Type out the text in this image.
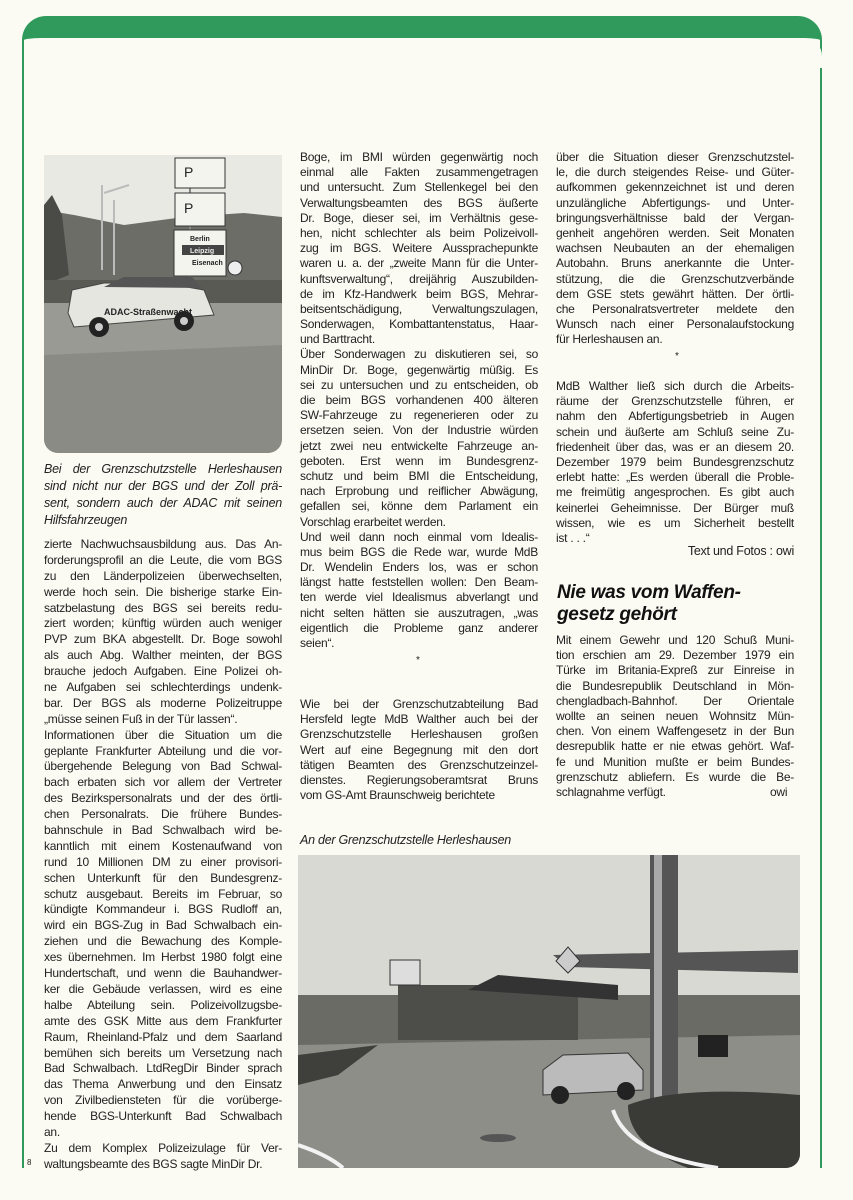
P
P
Berlin
Leipzig
Eisenach
ADAC-Straßenwacht
Bei der Grenzschutzstelle Herleshausen
sind nicht nur der BGS und der Zoll prä-
sent, sondern auch der ADAC mit seinen
Hilfsfahrzeugen
zierte Nachwuchsausbildung aus. Das An-
forderungsprofil an die Leute, die vom BGS
zu den Länderpolizeien überwechselten,
werde hoch sein. Die bisherige starke Ein-
satzbelastung des BGS sei bereits redu-
ziert worden; künftig würden auch weniger
PVP zum BKA abgestellt. Dr. Boge sowohl
als auch Abg. Walther meinten, der BGS
brauche jedoch Aufgaben. Eine Polizei oh-
ne Aufgaben sei schlechterdings undenk-
bar. Der BGS als moderne Polizeitruppe
„müsse seinen Fuß in der Tür lassen“.
Informationen über die Situation um die
geplante Frankfurter Abteilung und die vor-
übergehende Belegung von Bad Schwal-
bach erbaten sich vor allem der Vertreter
des Bezirkspersonalrats und der des örtli-
chen Personalrats. Die frühere Bundes-
bahnschule in Bad Schwalbach wird be-
kanntlich mit einem Kostenaufwand von
rund 10 Millionen DM zu einer provisori-
schen Unterkunft für den Bundesgrenz-
schutz ausgebaut. Bereits im Februar, so
kündigte Kommandeur i. BGS Rudloff an,
wird ein BGS-Zug in Bad Schwalbach ein-
ziehen und die Bewachung des Komple-
xes übernehmen. Im Herbst 1980 folgt eine
Hundertschaft, und wenn die Bauhandwer-
ker die Gebäude verlassen, wird es eine
halbe Abteilung sein. Polizeivollzugsbe-
amte des GSK Mitte aus dem Frankfurter
Raum, Rheinland-Pfalz und dem Saarland
bemühen sich bereits um Versetzung nach
Bad Schwalbach. LtdRegDir Binder sprach
das Thema Anwerbung und den Einsatz
von Zivilbediensteten für die vorüberge-
hende BGS-Unterkunft Bad Schwalbach
an.
Zu dem Komplex Polizeizulage für Ver-
waltungsbeamte des BGS sagte MinDir Dr.
Boge, im BMI würden gegenwärtig noch
einmal alle Fakten zusammengetragen
und untersucht. Zum Stellenkegel bei den
Verwaltungsbeamten des BGS äußerte
Dr. Boge, dieser sei, im Verhältnis gese-
hen, nicht schlechter als beim Polizeivoll-
zug im BGS. Weitere Aussprachepunkte
waren u. a. der „zweite Mann für die Unter-
kunftsverwaltung“, dreijährig Auszubilden-
de im Kfz-Handwerk beim BGS, Mehrar-
beitsentschädigung, Verwaltungszulagen,
Sonderwagen, Kombattantenstatus, Haar-
und Barttracht.
Über Sonderwagen zu diskutieren sei, so
MinDir Dr. Boge, gegenwärtig müßig. Es
sei zu untersuchen und zu entscheiden, ob
die beim BGS vorhandenen 400 älteren
SW-Fahrzeuge zu regenerieren oder zu
ersetzen seien. Von der Industrie würden
jetzt zwei neu entwickelte Fahrzeuge an-
geboten. Erst wenn im Bundesgrenz-
schutz und beim BMI die Entscheidung,
nach Erprobung und reiflicher Abwägung,
gefallen sei, könne dem Parlament ein
Vorschlag erarbeitet werden.
Und weil dann noch einmal vom Idealis-
mus beim BGS die Rede war, wurde MdB
Dr. Wendelin Enders los, was er schon
längst hatte feststellen wollen: Den Beam-
ten werde viel Idealismus abverlangt und
nicht selten hätten sie auszutragen, „was
eigentlich die Probleme ganz anderer
seien“.
*
Wie bei der Grenzschutzabteilung Bad
Hersfeld legte MdB Walther auch bei der
Grenzschutzstelle Herleshausen großen
Wert auf eine Begegnung mit den dort
tätigen Beamten des Grenzschutzeinzel-
dienstes. Regierungsoberamtsrat Bruns
vom GS-Amt Braunschweig berichtete
An der Grenzschutzstelle Herleshausen
über die Situation dieser Grenzschutzstel-
le, die durch steigendes Reise- und Güter-
aufkommen gekennzeichnet ist und deren
unzulängliche Abfertigungs- und Unter-
bringungsverhältnisse bald der Vergan-
genheit angehören werden. Seit Monaten
wachsen Neubauten an der ehemaligen
Autobahn. Bruns anerkannte die Unter-
stützung, die die Grenzschutzverbände
dem GSE stets gewährt hätten. Der örtli-
che Personalratsvertreter meldete den
Wunsch nach einer Personalaufstockung
für Herleshausen an.
*
MdB Walther ließ sich durch die Arbeits-
räume der Grenzschutzstelle führen, er
nahm den Abfertigungsbetrieb in Augen
schein und äußerte am Schluß seine Zu-
friedenheit über das, was er an diesem 20.
Dezember 1979 beim Bundesgrenzschutz
erlebt hatte: „Es werden überall die Proble-
me freimütig angesprochen. Es gibt auch
keinerlei Geheimnisse. Der Bürger muß
wissen, wie es um Sicherheit bestellt
ist . . .“
Text und Fotos : owi
Nie was vom Waffen-
gesetz gehört
Mit einem Gewehr und 120 Schuß Muni-
tion erschien am 29. Dezember 1979 ein
Türke im Britania-Expreß zur Einreise in
die Bundesrepublik Deutschland in Mön-
chengladbach-Bahnhof. Der Orientale
wollte an seinen neuen Wohnsitz Mün-
chen. Von einem Waffengesetz in der Bun
desrepublik hatte er nie etwas gehört. Waf-
fe und Munition mußte er beim Bundes-
grenzschutz abliefern. Es wurde die Be-
schlagnahme verfügt.	owi
8
